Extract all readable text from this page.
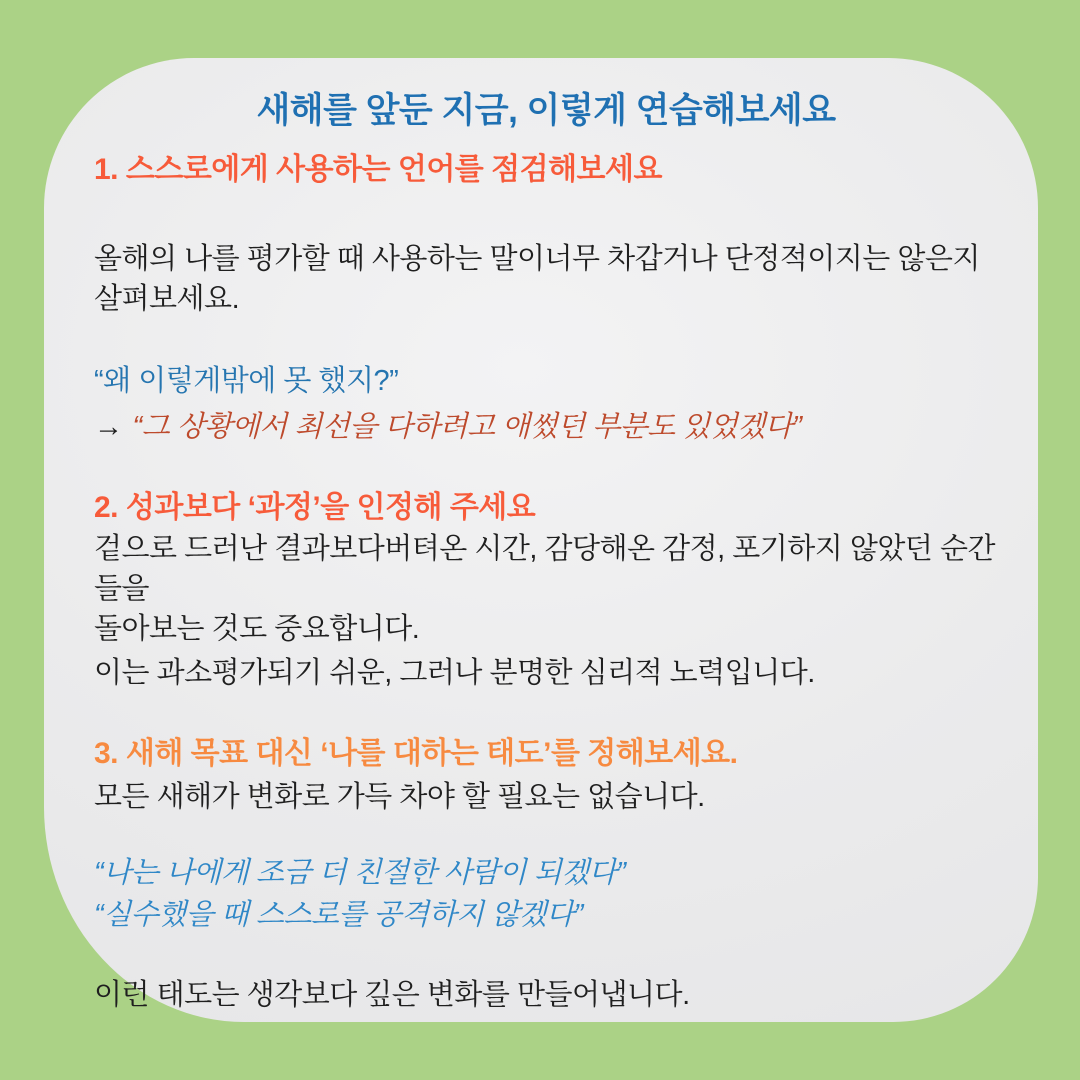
새해를 앞둔 지금, 이렇게 연습해보세요
1. 스스로에게 사용하는 언어를 점검해보세요
올해의 나를 평가할 때 사용하는 말이너무 차갑거나 단정적이지는 않은지
살펴보세요.
“왜 이렇게밖에 못 했지?”
→ “그 상황에서 최선을 다하려고 애썼던 부분도 있었겠다”
2. 성과보다 ‘과정’을 인정해 주세요
겉으로 드러난 결과보다버텨온 시간, 감당해온 감정, 포기하지 않았던 순간들을
돌아보는 것도 중요합니다.
이는 과소평가되기 쉬운, 그러나 분명한 심리적 노력입니다.
3. 새해 목표 대신 ‘나를 대하는 태도’를 정해보세요.
모든 새해가 변화로 가득 차야 할 필요는 없습니다.
“나는 나에게 조금 더 친절한 사람이 되겠다”
“실수했을 때 스스로를 공격하지 않겠다”
이런 태도는 생각보다 깊은 변화를 만들어냅니다.
